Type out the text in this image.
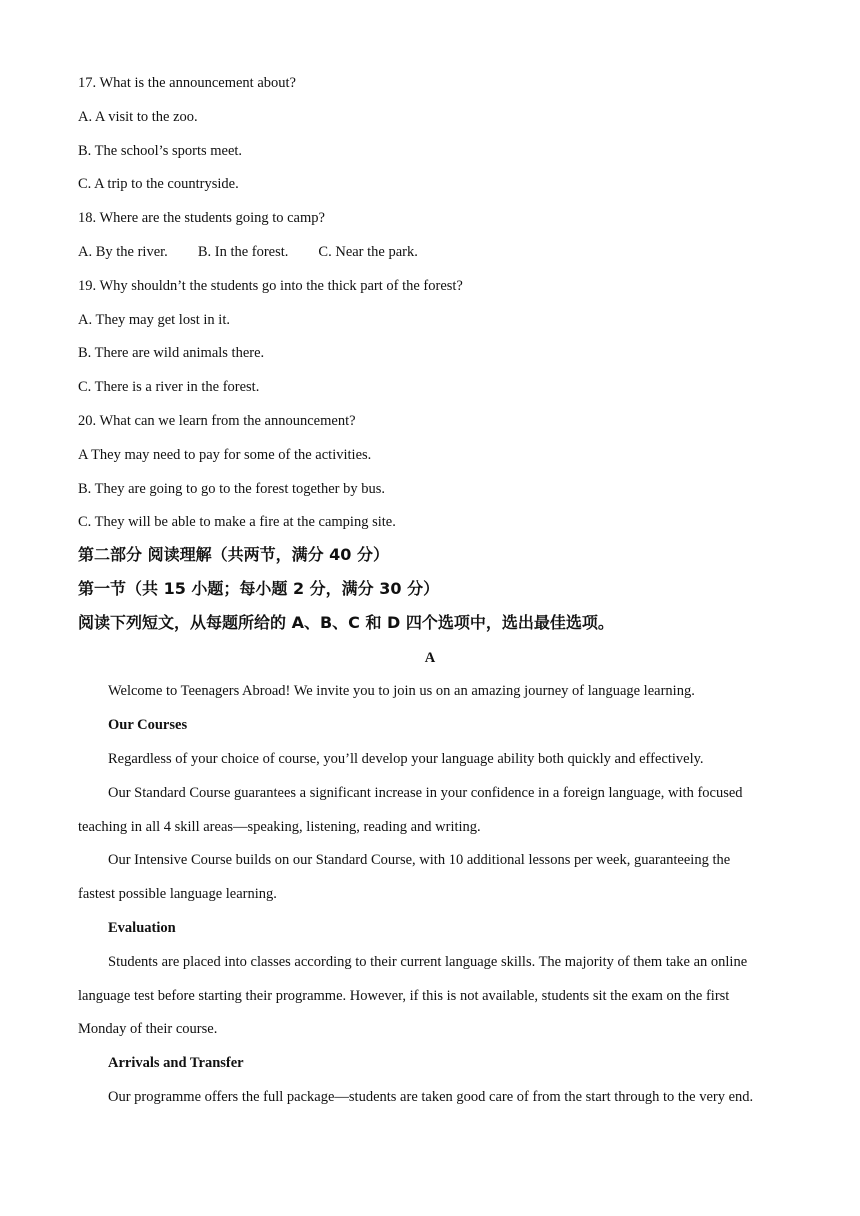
17. What is the announcement about?
A. A visit to the zoo.
B. The school’s sports meet.
C. A trip to the countryside.
18. Where are the students going to camp?
A. By the river. B. In the forest. C. Near the park.
19. Why shouldn’t the students go into the thick part of the forest?
A. They may get lost in it.
B. There are wild animals there.
C. There is a river in the forest.
20. What can we learn from the announcement?
A They may need to pay for some of the activities.
B. They are going to go to the forest together by bus.
C. They will be able to make a fire at the camping site.
第二部分 阅读理解（共两节，满分 40 分）
第一节（共 15 小题；每小题 2 分，满分 30 分）
阅读下列短文，从每题所给的 A、B、C 和 D 四个选项中，选出最佳选项。
A
Welcome to Teenagers Abroad! We invite you to join us on an amazing journey of language learning.
Our Courses
Regardless of your choice of course, you’ll develop your language ability both quickly and effectively.
Our Standard Course guarantees a significant increase in your confidence in a foreign language, with focused
teaching in all 4 skill areas—speaking, listening, reading and writing.
Our Intensive Course builds on our Standard Course, with 10 additional lessons per week, guaranteeing the
fastest possible language learning.
Evaluation
Students are placed into classes according to their current language skills. The majority of them take an online
language test before starting their programme. However, if this is not available, students sit the exam on the first
Monday of their course.
Arrivals and Transfer
Our programme offers the full package—students are taken good care of from the start through to the very end.
